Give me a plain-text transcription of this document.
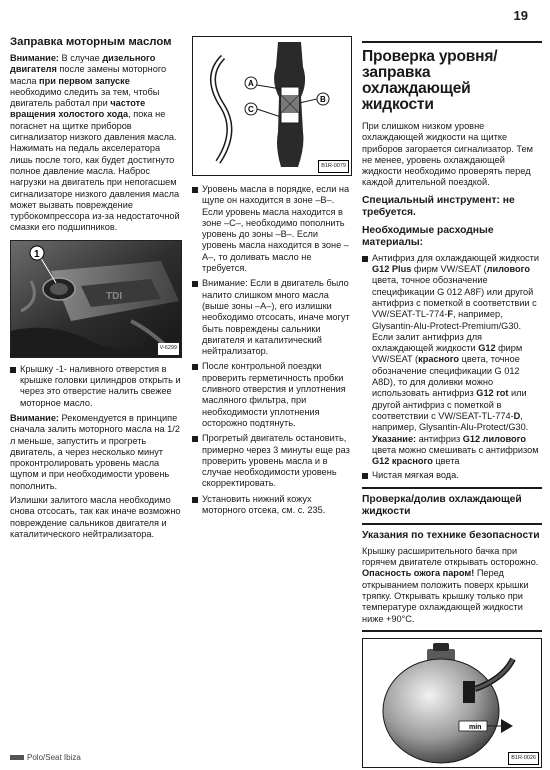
19
Заправка моторным маслом

Внимание: В случае дизельного двигателя после замены моторного масла при первом запуске необходимо следить за тем, чтобы двигатель работал при частоте вращения холостого хода, пока не погаснет на щитке приборов сигнализатор низкого давления масла. Нажимать на педаль акселератора лишь после того, как будет достигнуто полное давление масла. Наброс нагрузки на двигатель при непогасшем сигнализаторе низкого давления масла может вызвать повреждение турбокомпрессора из-за недостаточной смазки его подшипников.

TDI
1
V-6299
Крышку -1- наливного отверстия в крышке головки цилиндров открыть и через это отверстие налить свежее моторное масло.

Внимание: Рекомендуется в принципе сначала залить моторного масла на 1/2 л меньше, запустить и прогреть двигатель, а через несколько минут проконтролировать уровень масла щупом и при необходимости уровень пополнить.

Излишки залитого масла необходимо снова отсосать, так как иначе возможно повреждение сальников двигателя и каталитического нейтрализатора.

A
B
C
B1R-0079
Уровень масла в порядке, если на щупе он находится в зоне –B–. Если уровень масла находится в зоне –C–, необходимо пополнить уровень до зоны –B–. Если уровень масла находится в зоне –A–, то доливать масло не требуется.
Внимание: Если в двигатель было налито слишком много масла (выше зоны –A–), его излишки необходимо отсосать, иначе могут быть повреждены сальники двигателя и каталитический нейтрализатор.
После контрольной поездки проверить герметичность пробки сливного отверстия и уплотнения масляного фильтра, при необходимости уплотнения осторожно подтянуть.
Прогретый двигатель остановить, примерно через 3 минуты еще раз проверить уровень масла и в случае необходимости уровень скорректировать.
Установить нижний кожух моторного отсека, см. с. 235.
Проверка уровня/заправка охлаждающей жидкости

При слишком низком уровне охлаждающей жидкости на щитке приборов загорается сигнализатор. Тем не менее, уровень охлаждающей жидкости необходимо проверять перед каждой длительной поездкой.

Специальный инструмент: не требуется.
Необходимые расходные материалы:
Антифриз для охлаждающей жидкости G12 Plus фирм VW/SEAT (лилового цвета, точное обозначение спецификации G 012 A8F) или другой антифриз с пометкой в соответствии с VW/SEAT-TL-774-F, например, Glysantin-Alu-Protect-Premium/G30.
Если залит антифриз для охлаждающей жидкости G12 фирм VW/SEAT (красного цвета, точное обозначение спецификации G 012 A8D), то для доливки можно использовать антифриз G12 rot или другой антифриз с пометкой в соответствии с VW/SEAT-TL-774-D, например, Glysantin-Alu-Protect/G30. Указание: антифриз G12 лилового цвета можно смешивать с антифризом G12 красного цвета
Чистая мягкая вода.
Проверка/долив охлаждающей жидкости
Указания по технике безопасности

Крышку расширительного бачка при горячем двигателе открывать осторожно. Опасность ожога паром! Перед открыванием положить поверх крышки тряпку. Открывать крышку только при температуре охлаждающей жидкости ниже +90°C.

min
B1R-0026
Polo/Seat Ibiza
